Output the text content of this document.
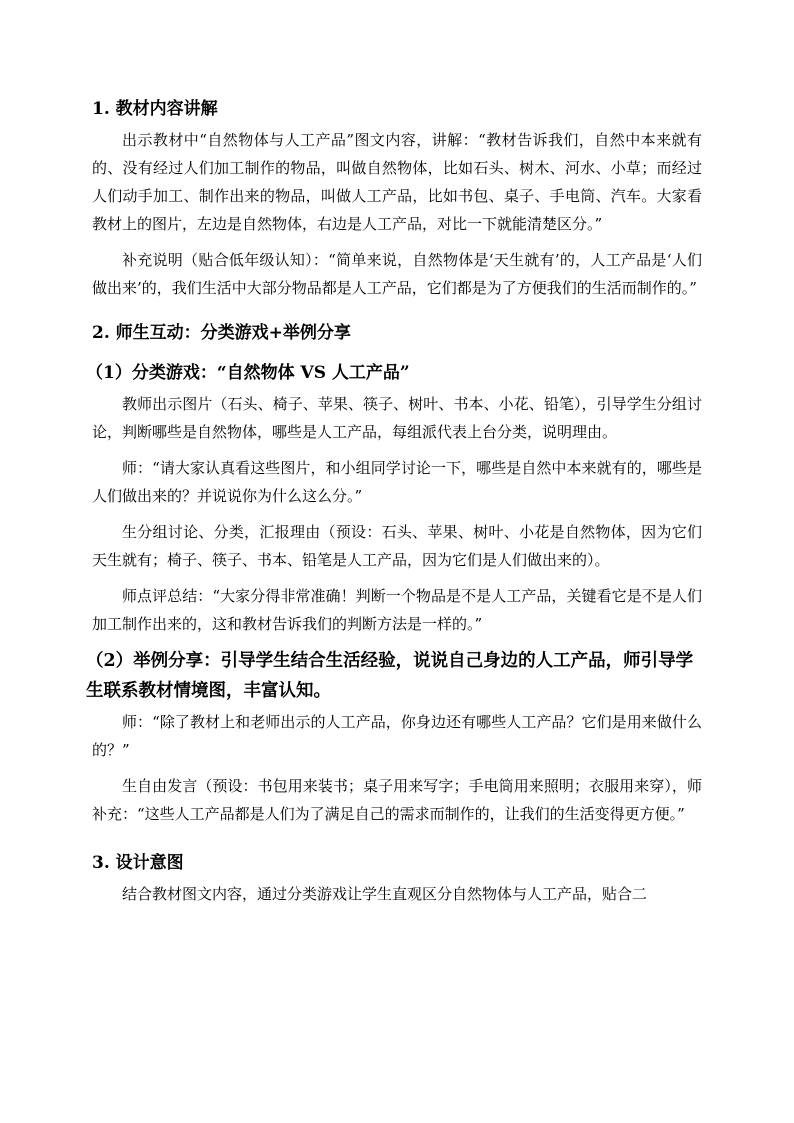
1. 教材内容讲解
出示教材中“自然物体与人工产品”图文内容，讲解：“教材告诉我们，自然中本来就有的、没有经过人们加工制作的物品，叫做自然物体，比如石头、树木、河水、小草；而经过人们动手加工、制作出来的物品，叫做人工产品，比如书包、桌子、手电筒、汽车。大家看教材上的图片，左边是自然物体，右边是人工产品，对比一下就能清楚区分。”
补充说明（贴合低年级认知）：“简单来说，自然物体是‘天生就有’的，人工产品是‘人们做出来’的，我们生活中大部分物品都是人工产品，它们都是为了方便我们的生活而制作的。”
2. 师生互动：分类游戏+举例分享
（1）分类游戏：“自然物体 VS 人工产品”
教师出示图片（石头、椅子、苹果、筷子、树叶、书本、小花、铅笔），引导学生分组讨论，判断哪些是自然物体，哪些是人工产品，每组派代表上台分类，说明理由。
师：“请大家认真看这些图片，和小组同学讨论一下，哪些是自然中本来就有的，哪些是人们做出来的？并说说你为什么这么分。”
生分组讨论、分类，汇报理由（预设：石头、苹果、树叶、小花是自然物体，因为它们天生就有；椅子、筷子、书本、铅笔是人工产品，因为它们是人们做出来的）。
师点评总结：“大家分得非常准确！判断一个物品是不是人工产品，关键看它是不是人们加工制作出来的，这和教材告诉我们的判断方法是一样的。”
（2）举例分享：引导学生结合生活经验，说说自己身边的人工产品，师引导学生联系教材情境图，丰富认知。
师：“除了教材上和老师出示的人工产品，你身边还有哪些人工产品？它们是用来做什么的？”
生自由发言（预设：书包用来装书；桌子用来写字；手电筒用来照明；衣服用来穿），师补充：“这些人工产品都是人们为了满足自己的需求而制作的，让我们的生活变得更方便。”
3. 设计意图
结合教材图文内容，通过分类游戏让学生直观区分自然物体与人工产品，贴合二
